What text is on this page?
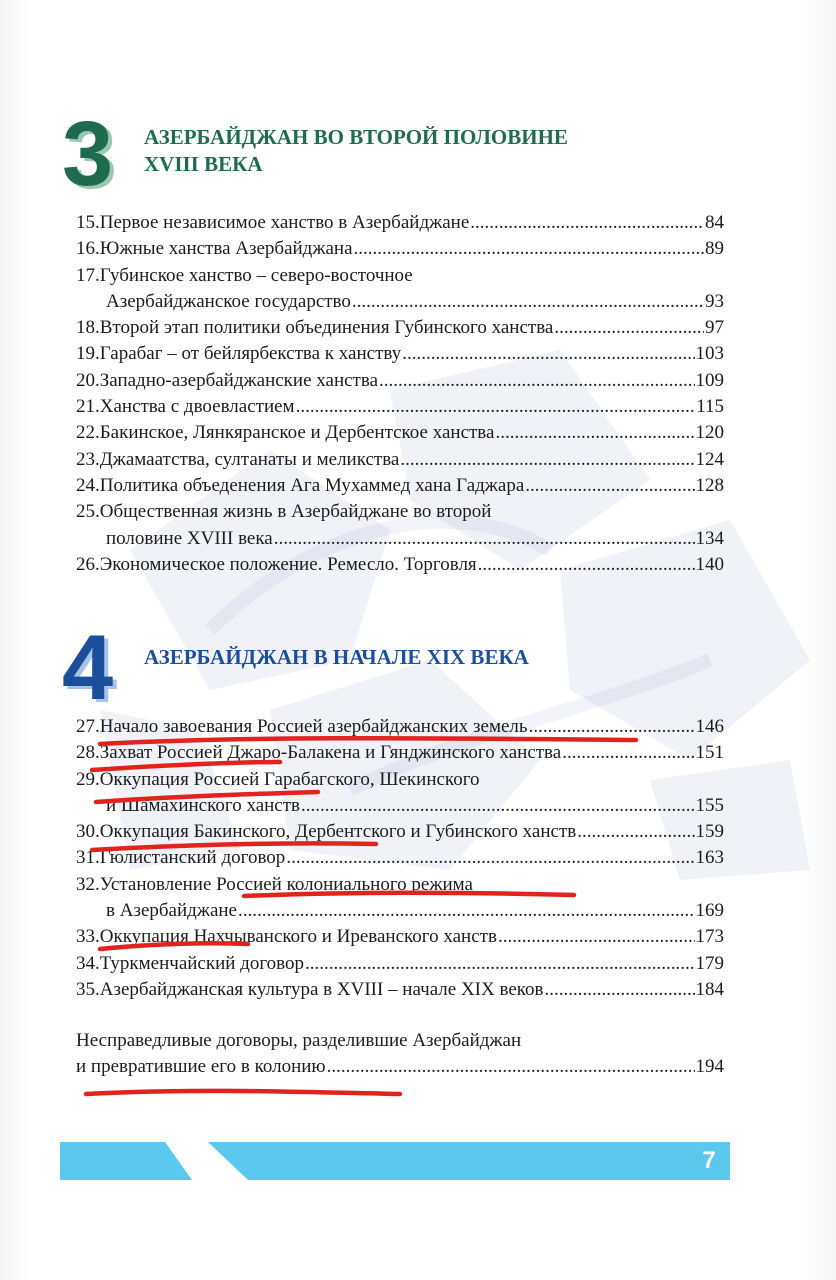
3	АЗЕРБАЙДЖАН ВО ВТОРОЙ ПОЛОВИНЕ
XVIII ВЕКА
15. Первое независимое ханство в Азербайджане .....	84
16. Южные ханства Азербайджана .....	89
17. Губинское ханство – северо-восточное
Азербайджанское государство .....	93
18. Второй этап политики объединения Губинского ханства .....	97
19. Гарабаг – от бейлярбекства к ханству .....	103
20. Западно-азербайджанские ханства .....	109
21. Ханства с двоевластием .....	115
22. Бакинское, Лянкяранское и Дербентское ханства .....	120
23. Джамаатства, султанаты и меликства .....	124
24. Политика объеденения Ага Мухаммед хана Гаджара .....	128
25. Общественная жизнь в Азербайджане во второй
половине XVIII века .....	134
26. Экономическое положение. Ремесло. Торговля .....	140
4	АЗЕРБАЙДЖАН В НАЧАЛЕ XIX ВЕКА
27. Начало завоевания Россией азербайджанских земель .....	146
28. Захват Россией Джаро-Балакена и Гянджинского ханства .....	151
29. Оккупация Россией Гарабагского, Шекинского
и Шамахинского ханств .....	155
30. Оккупация Бакинского, Дербентского и Губинского ханств .....	159
31. Гюлистанский договор .....	163
32. Установление Россией колониального режима
в Азербайджане .....	169
33. Оккупация Нахчыванского и Иреванского ханств .....	173
34. Туркменчайский договор .....	179
35. Азербайджанская культура в XVIII – начале XIX веков .....	184
Несправедливые договоры, разделившие Азербайджан
и превратившие его в колонию .....	194
7
